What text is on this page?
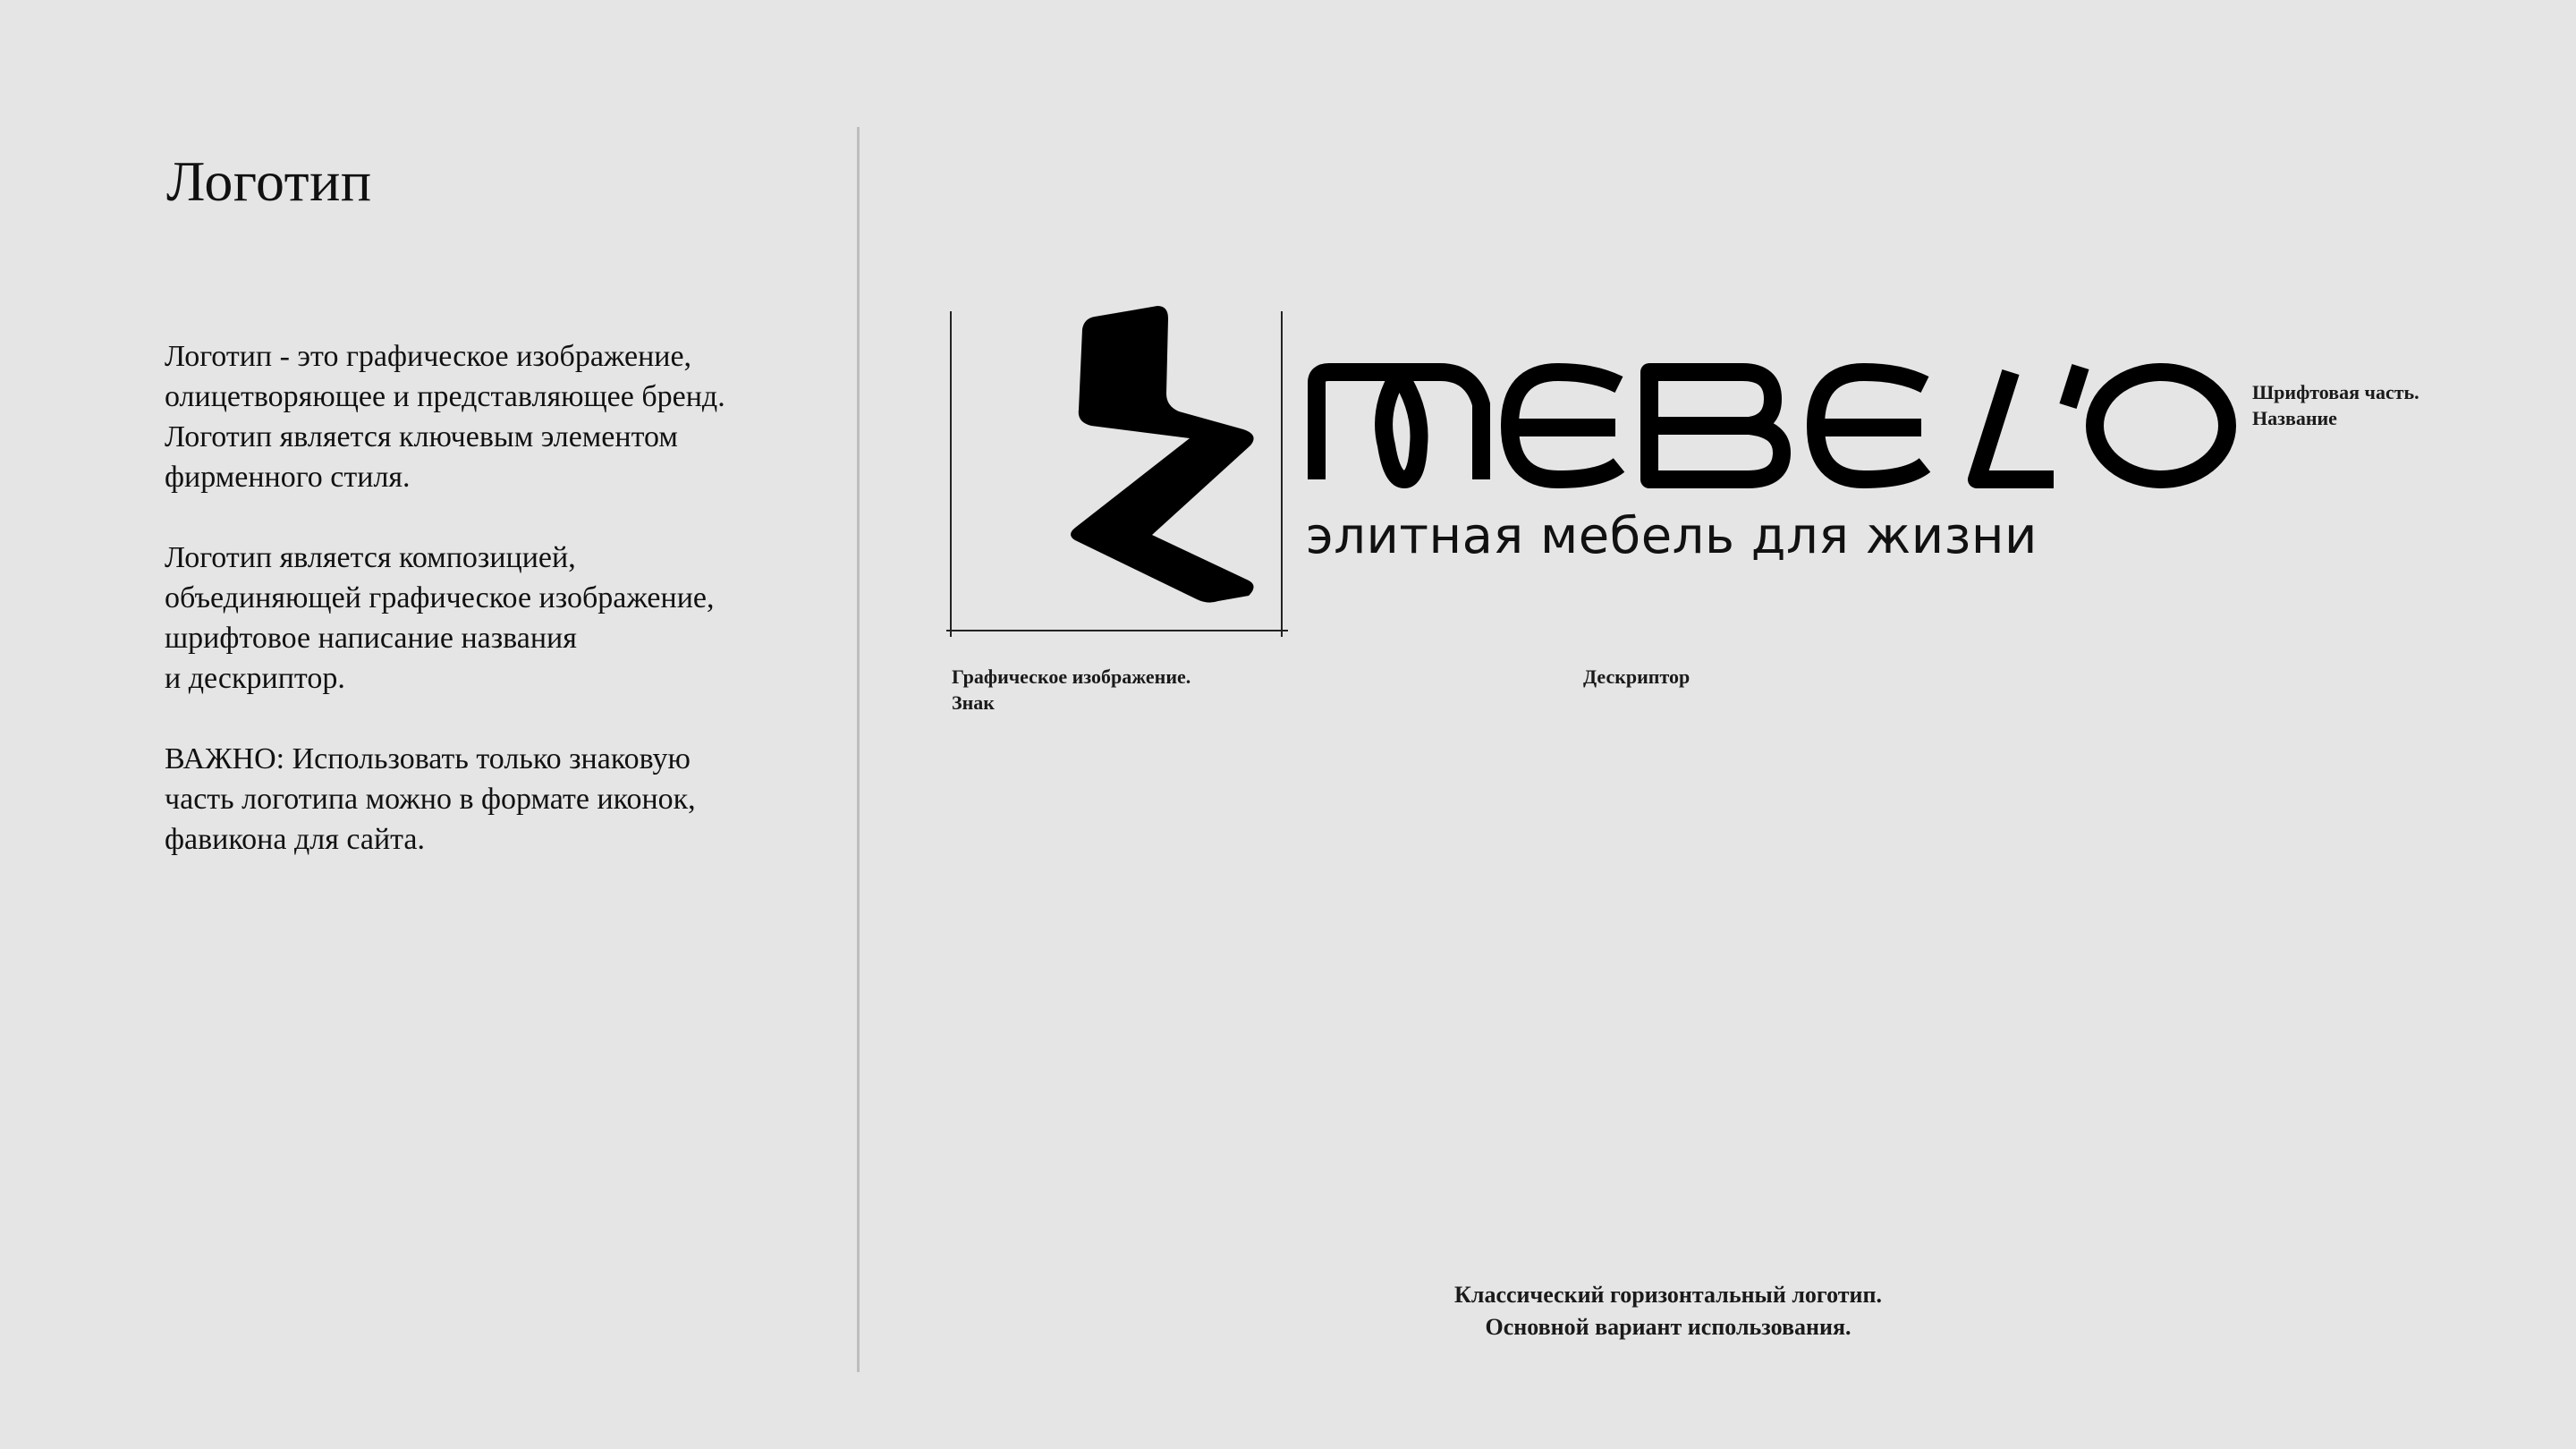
Логотип

Логотип - это графическое изображение,
олицетворяющее и представляющее бренд.
Логотип является ключевым элементом
фирменного стиля.

Логотип является композицией,
объединяющей графическое изображение,
шрифтовое написание названия
и дескриптор.

ВАЖНО: Использовать только знаковую
часть логотипа можно в формате иконок,
фавикона для сайта.

элитная мебель для жизни

Шрифтовая часть.
Название

Графическое изображение.
Знак

Дескриптор

Классический горизонтальный логотип.
Основной вариант использования.
